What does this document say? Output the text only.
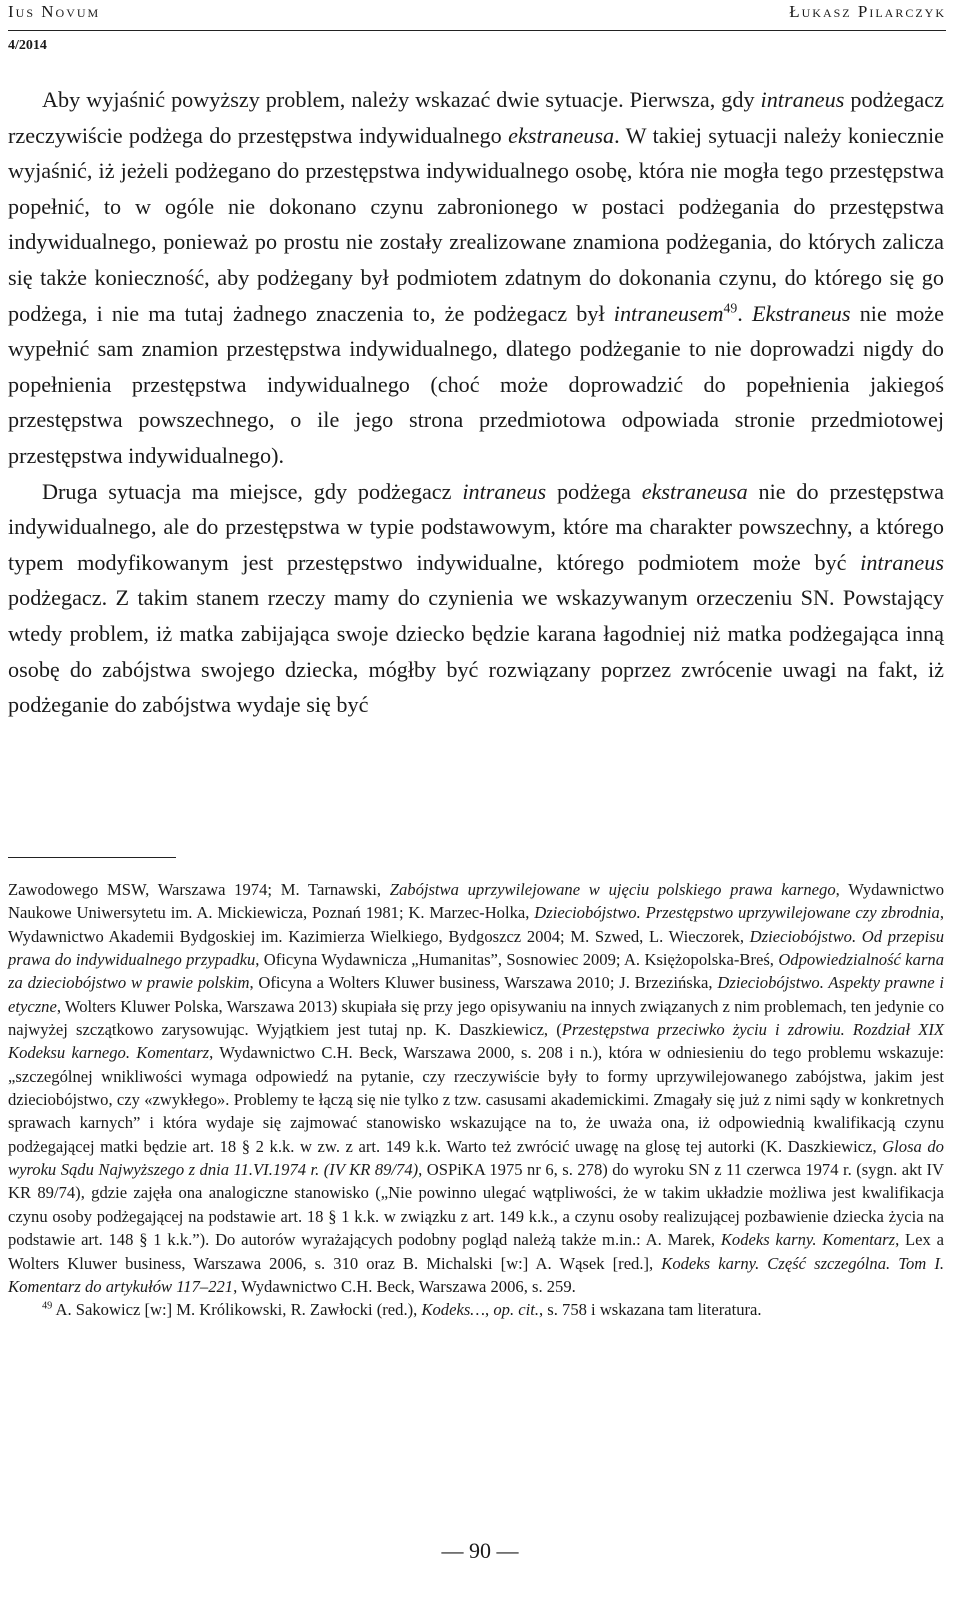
Ius Novum	Łukasz Pilarczyk
4/2014

Aby wyjaśnić powyższy problem, należy wskazać dwie sytuacje. Pierwsza, gdy intraneus podżegacz rzeczywiście podżega do przestępstwa indywidualnego ekstraneusa. W takiej sytuacji należy koniecznie wyjaśnić, iż jeżeli podżegano do przestępstwa indywidualnego osobę, która nie mogła tego przestępstwa popełnić, to w ogóle nie dokonano czynu zabronionego w postaci podżegania do przestępstwa indywidualnego, ponieważ po prostu nie zostały zrealizowane znamiona podżegania, do których zalicza się także konieczność, aby podżegany był podmiotem zdatnym do dokonania czynu, do którego się go podżega, i nie ma tutaj żadnego znaczenia to, że podżegacz był intraneusem$^{49}$. Ekstraneus nie może wypełnić sam znamion przestępstwa indywidualnego, dlatego podżeganie to nie doprowadzi nigdy do popełnienia przestępstwa indywidualnego (choć może doprowadzić do popełnienia jakiegoś przestępstwa powszechnego, o ile jego strona przedmiotowa odpowiada stronie przedmiotowej przestępstwa indywidualnego).

Druga sytuacja ma miejsce, gdy podżegacz intraneus podżega ekstraneusa nie do przestępstwa indywidualnego, ale do przestępstwa w typie podstawowym, które ma charakter powszechny, a którego typem modyfikowanym jest przestępstwo indywidualne, którego podmiotem może być intraneus podżegacz. Z takim stanem rzeczy mamy do czynienia we wskazywanym orzeczeniu SN. Powstający wtedy problem, iż matka zabijająca swoje dziecko będzie karana łagodniej niż matka podżegająca inną osobę do zabójstwa swojego dziecka, mógłby być rozwiązany poprzez zwrócenie uwagi na fakt, iż podżeganie do zabójstwa wydaje się być

Zawodowego MSW, Warszawa 1974; M. Tarnawski, Zabójstwa uprzywilejowane w ujęciu polskiego prawa karnego, Wydawnictwo Naukowe Uniwersytetu im. A. Mickiewicza, Poznań 1981; K. Marzec-Holka, Dzieciobójstwo. Przestępstwo uprzywilejowane czy zbrodnia, Wydawnictwo Akademii Bydgoskiej im. Kazimierza Wielkiego, Bydgoszcz 2004; M. Szwed, L. Wieczorek, Dzieciobójstwo. Od przepisu prawa do indywidualnego przypadku, Oficyna Wydawnicza „Humanitas”, Sosnowiec 2009; A. Księżopolska-Breś, Odpowiedzialność karna za dzieciobójstwo w prawie polskim, Oficyna a Wolters Kluwer business, Warszawa 2010; J. Brzezińska, Dzieciobójstwo. Aspekty prawne i etyczne, Wolters Kluwer Polska, Warszawa 2013) skupiała się przy jego opisywaniu na innych związanych z nim problemach, ten jedynie co najwyżej szczątkowo zarysowując. Wyjątkiem jest tutaj np. K. Daszkiewicz, (Przestępstwa przeciwko życiu i zdrowiu. Rozdział XIX Kodeksu karnego. Komentarz, Wydawnictwo C.H. Beck, Warszawa 2000, s. 208 i n.), która w odniesieniu do tego problemu wskazuje: „szczególnej wnikliwości wymaga odpowiedź na pytanie, czy rzeczywiście były to formy uprzywilejowanego zabójstwa, jakim jest dzieciobójstwo, czy «zwykłego». Problemy te łączą się nie tylko z tzw. casusami akademickimi. Zmagały się już z nimi sądy w konkretnych sprawach karnych” i która wydaje się zajmować stanowisko wskazujące na to, że uważa ona, iż odpowiednią kwalifikacją czynu podżegającej matki będzie art. 18 § 2 k.k. w zw. z art. 149 k.k. Warto też zwrócić uwagę na glosę tej autorki (K. Daszkiewicz, Glosa do wyroku Sądu Najwyższego z dnia 11.VI.1974 r. (IV KR 89/74), OSPiKA 1975 nr 6, s. 278) do wyroku SN z 11 czerwca 1974 r. (sygn. akt IV KR 89/74), gdzie zajęła ona analogiczne stanowisko („Nie powinno ulegać wątpliwości, że w takim układzie możliwa jest kwalifikacja czynu osoby podżegającej na podstawie art. 18 § 1 k.k. w związku z art. 149 k.k., a czynu osoby realizującej pozbawienie dziecka życia na podstawie art. 148 § 1 k.k.”). Do autorów wyrażających podobny pogląd należą także m.in.: A. Marek, Kodeks karny. Komentarz, Lex a Wolters Kluwer business, Warszawa 2006, s. 310 oraz B. Michalski [w:] A. Wąsek [red.], Kodeks karny. Część szczególna. Tom I. Komentarz do artykułów 117–221, Wydawnictwo C.H. Beck, Warszawa 2006, s. 259.

$^{49}$ A. Sakowicz [w:] M. Królikowski, R. Zawłocki (red.), Kodeks…, op. cit., s. 758 i wskazana tam literatura.

— 90 —
